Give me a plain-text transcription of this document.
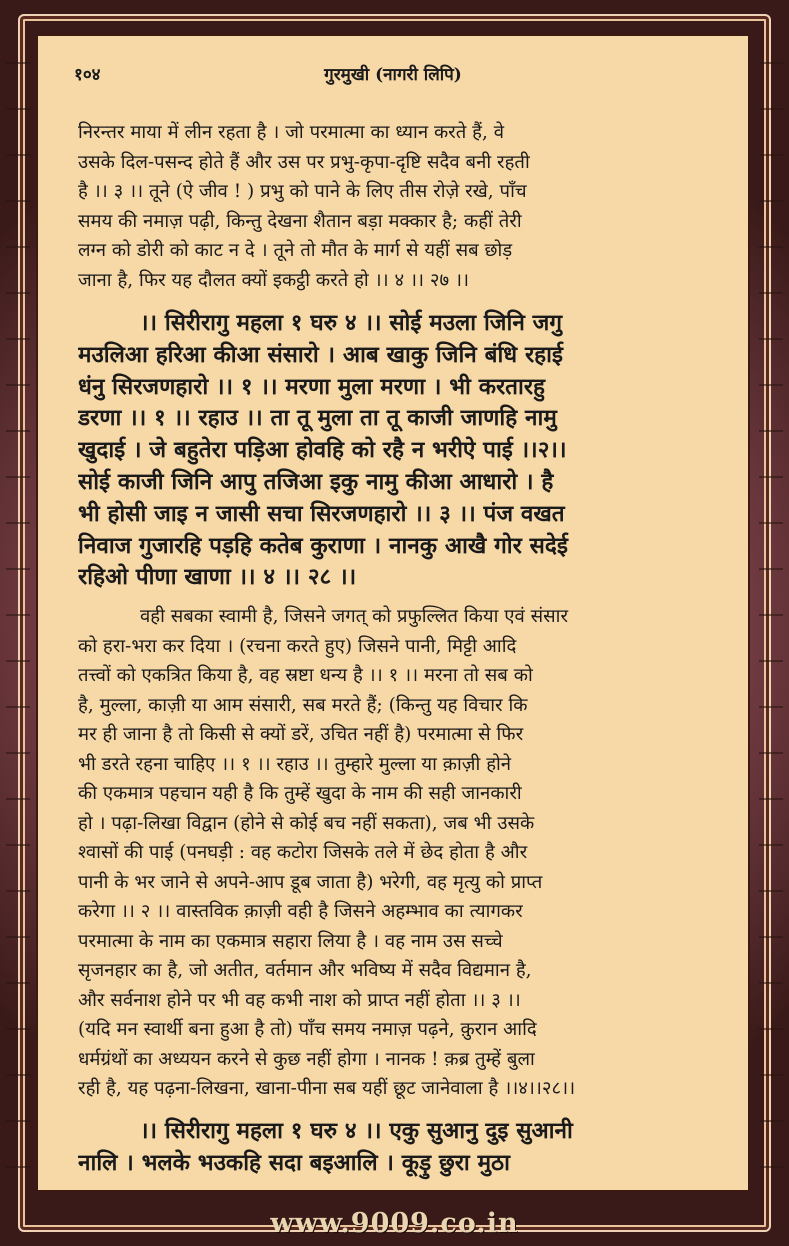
१०४	गुरमुखी (नागरी लिपि)
निरन्तर माया में लीन रहता है । जो परमात्मा का ध्यान करते हैं, वे
उसके दिल-पसन्द होते हैं और उस पर प्रभु-कृपा-दृष्टि सदैव बनी रहती
है ।। ३ ।। तूने (ऐ जीव ! ) प्रभु को पाने के लिए तीस रोज़े रखे, पाँच
समय की नमाज़ पढ़ी, किन्तु देखना शैतान बड़ा मक्कार है; कहीं तेरी
लग्न को डोरी को काट न दे । तूने तो मौत के मार्ग से यहीं सब छोड़
जाना है, फिर यह दौलत क्यों इकट्ठी करते हो ।। ४ ।। २७ ।।
।। सिरीरागु महला १ घरु ४ ।। सोई मउला जिनि जगु
मउलिआ हरिआ कीआ संसारो । आब खाकु जिनि बंधि रहाई
धंनु सिरजणहारो ।। १ ।। मरणा मुला मरणा । भी करतारहु
डरणा ।। १ ।। रहाउ ।। ता तू मुला ता तू काजी जाणहि नामु
खुदाई । जे बहुतेरा पड़िआ होवहि को रहै न भरीऐ पाई ।।२।।
सोई काजी जिनि आपु तजिआ इकु नामु कीआ आधारो । है
भी होसी जाइ न जासी सचा सिरजणहारो ।। ३ ।। पंज वखत
निवाज गुजारहि पड़हि कतेब कुराणा । नानकु आखै गोर सदेई
रहिओ पीणा खाणा ।। ४ ।। २८ ।।
वही सबका स्वामी है, जिसने जगत् को प्रफुल्लित किया एवं संसार
को हरा-भरा कर दिया । (रचना करते हुए) जिसने पानी, मिट्टी आदि
तत्त्वों को एकत्रित किया है, वह स्रष्टा धन्य है ।। १ ।। मरना तो सब को
है, मुल्ला, काज़ी या आम संसारी, सब मरते हैं; (किन्तु यह विचार कि
मर ही जाना है तो किसी से क्यों डरें, उचित नहीं है) परमात्मा से फिर
भी डरते रहना चाहिए ।। १ ।। रहाउ ।। तुम्हारे मुल्ला या क़ाज़ी होने
की एकमात्र पहचान यही है कि तुम्हें खुदा के नाम की सही जानकारी
हो । पढ़ा-लिखा विद्वान (होने से कोई बच नहीं सकता), जब भी उसके
श्वासों की पाई (पनघड़ी : वह कटोरा जिसके तले में छेद होता है और
पानी के भर जाने से अपने-आप डूब जाता है) भरेगी, वह मृत्यु को प्राप्त
करेगा ।। २ ।। वास्तविक क़ाज़ी वही है जिसने अहम्भाव का त्यागकर
परमात्मा के नाम का एकमात्र सहारा लिया है । वह नाम उस सच्चे
सृजनहार का है, जो अतीत, वर्तमान और भविष्य में सदैव विद्यमान है,
और सर्वनाश होने पर भी वह कभी नाश को प्राप्त नहीं होता ।। ३ ।।
(यदि मन स्वार्थी बना हुआ है तो) पाँच समय नमाज़ पढ़ने, क़ुरान आदि
धर्मग्रंथों का अध्ययन करने से कुछ नहीं होगा । नानक ! क़ब्र तुम्हें बुला
रही है, यह पढ़ना-लिखना, खाना-पीना सब यहीं छूट जानेवाला है ।।४।।२८।।
।। सिरीरागु महला १ घरु ४ ।। एकु सुआनु दुइ सुआनी
नालि । भलके भउकहि सदा बइआलि । कूड़ु छुरा मुठा
www.9009.co.in
